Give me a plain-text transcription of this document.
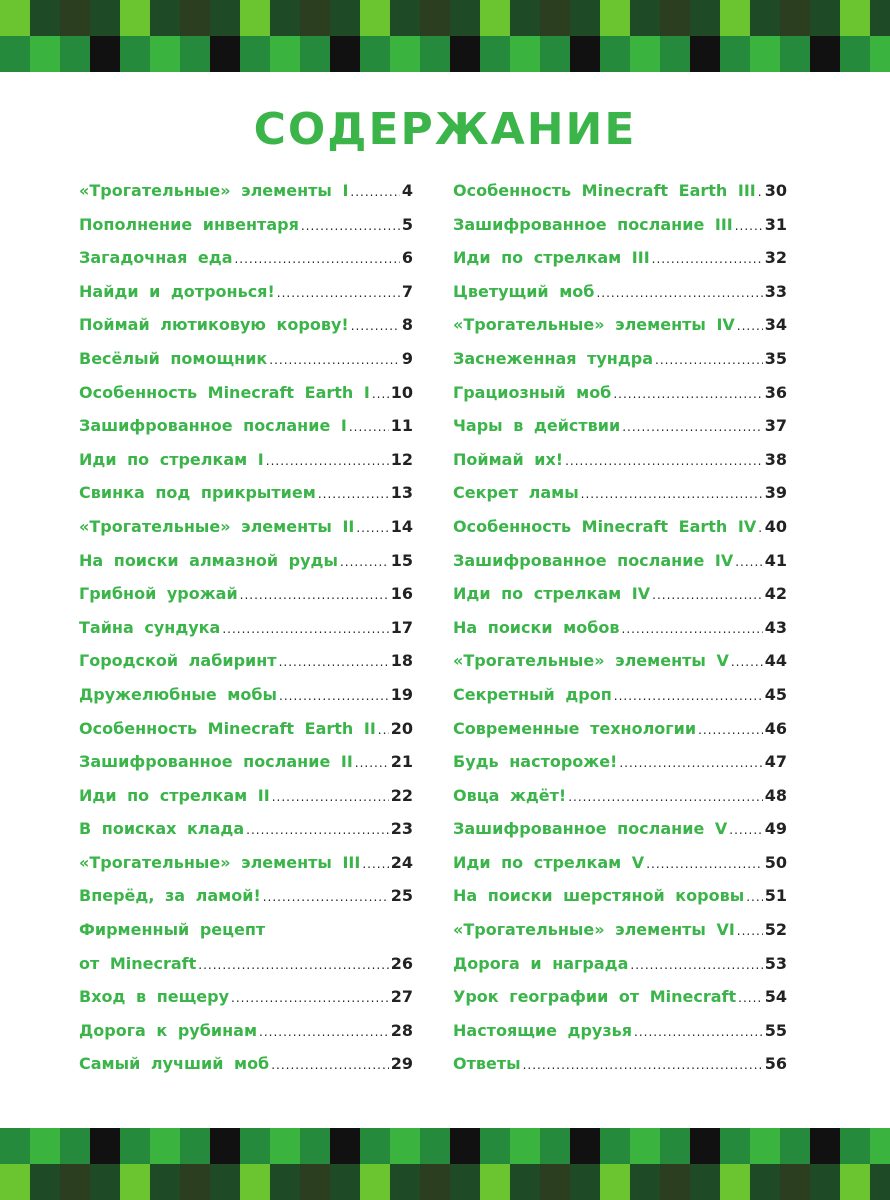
СОДЕРЖАНИЕ
«Трогательные» элементы I .....	4
Пополнение инвентаря .....	5
Загадочная еда .....	6
Найди и дотронься! .....	7
Поймай лютиковую корову! .....	8
Весёлый помощник .....	9
Особенность Minecraft Earth I ..... 10
Зашифрованное послание I .....	11
Иди по стрелкам I .....	12
Свинка под прикрытием .....	13
«Трогательные» элементы II ..... 14
На поиски алмазной руды .....	15
Грибной урожай .....	16
Тайна сундука .....	17
Городской лабиринт .....	18
Дружелюбные мобы .....	19
Особенность Minecraft Earth II ..... 20
Зашифрованное послание II ..... 21
Иди по стрелкам II .....	22
В поисках клада .....	23
«Трогательные» элементы III ..... 24
Вперёд, за ламой! .....	25
Фирменный рецепт
от Minecraft .....	26
Вход в пещеру .....	27
Дорога к рубинам .....	28
Самый лучший моб .....	29
Особенность Minecraft Earth III ..... 30
Зашифрованное послание III ..... 31
Иди по стрелкам III .....	32
Цветущий моб .....	33
«Трогательные» элементы IV ..... 34
Заснеженная тундра .....	35
Грациозный моб .....	36
Чары в действии .....	37
Поймай их! .....	38
Секрет ламы .....	39
Особенность Minecraft Earth IV ..... 40
Зашифрованное послание IV ..... 41
Иди по стрелкам IV .....	42
На поиски мобов .....	43
«Трогательные» элементы V ..... 44
Секретный дроп .....	45
Современные технологии .....	46
Будь настороже! .....	47
Овца ждёт! .....	48
Зашифрованное послание V ..... 49
Иди по стрелкам V .....	50
На поиски шерстяной коровы ..... 51
«Трогательные» элементы VI ..... 52
Дорога и награда .....	53
Урок географии от Minecraft ..... 54
Настоящие друзья .....	55
Ответы .....	56
